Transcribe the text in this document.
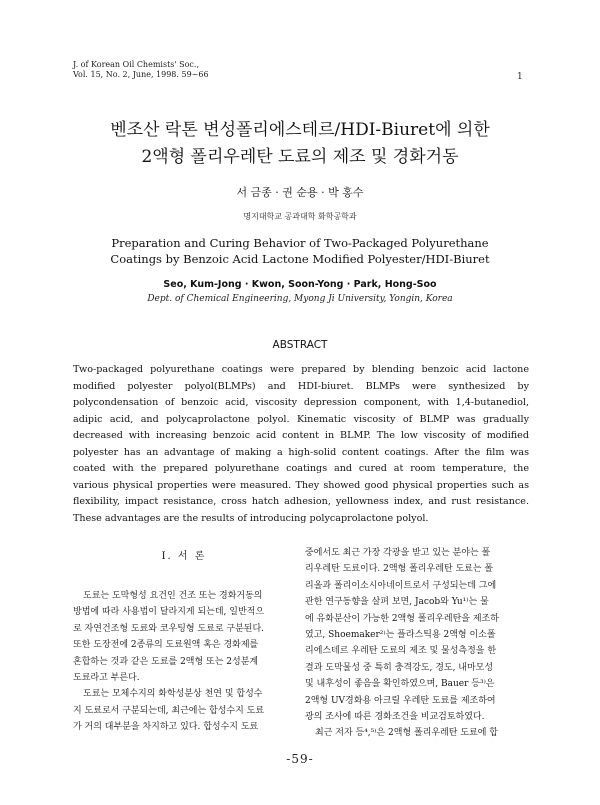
J. of Korean Oil Chemists' Soc.,
Vol. 15, No. 2, June, 1998. 59~66	1
벤조산 락톤 변성폴리에스테르/HDI-Biuret에 의한
2액형 폴리우레탄 도료의 제조 및 경화거동
서 금종 · 권 순용 · 박 홍수
명지대학교 공과대학 화학공학과
Preparation and Curing Behavior of Two-Packaged Polyurethane
Coatings by Benzoic Acid Lactone Modified Polyester/HDI-Biuret
Seo, Kum-Jong · Kwon, Soon-Yong · Park, Hong-Soo
Dept. of Chemical Engineering, Myong Ji University, Yongin, Korea
ABSTRACT
Two-packaged polyurethane coatings were prepared by blending benzoic acid lactone
modified polyester polyol(BLMPs) and HDI-biuret. BLMPs were synthesized by
polycondensation of benzoic acid, viscosity depression component, with 1,4-butanediol,
adipic acid, and polycaprolactone polyol. Kinematic viscosity of BLMP was gradually
decreased with increasing benzoic acid content in BLMP. The low viscosity of modified
polyester has an advantage of making a high-solid content coatings. After the film was
coated with the prepared polyurethane coatings and cured at room temperature, the
various physical properties were measured. They showed good physical properties such as
flexibility, impact resistance, cross hatch adhesion, yellowness index, and rust resistance.
These advantages are the results of introducing polycaprolactone polyol.
Ⅰ. 서 론
도료는 도막형성 요건인 건조 또는 경화거동의
방법에 따라 사용법이 달라지게 되는데, 일반적으
로 자연건조형 도료와 코우팅형 도료로 구분된다.
또한 도장전에 2종류의 도료원액 혹은 경화제를
혼합하는 것과 같은 도료를 2액형 또는 2성분계
도료라고 부른다.
도료는 모체수지의 화학성분상 천연 및 합성수
지 도료로서 구분되는데, 최근에는 합성수지 도료
가 거의 대부분을 차지하고 있다. 합성수지 도료
중에서도 최근 가장 각광을 받고 있는 분야는 폴
리우레탄 도료이다. 2액형 폴리우레탄 도료는 폴
리올과 폴리이소시아네이트로서 구성되는데 그에
관한 연구동향을 살펴 보면, Jacob와 Yu¹⁾는 물
에 유화분산이 가능한 2액형 폴리우레탄을 제조하
였고, Shoemaker²⁾는 플라스틱용 2액형 이소폴
리에스테르 우레탄 도료의 제조 및 물성측정을 한
결과 도막물성 중 특히 충격강도, 경도, 내마모성
및 내후성이 좋음을 확인하였으며, Bauer 등³⁾은
2액형 UV경화용 아크릴 우레탄 도료를 제조하여
광의 조사에 따른 경화조건을 비교검토하였다.
최근 저자 등⁴,⁵⁾은 2액형 폴리우레탄 도료에 합
-59-
